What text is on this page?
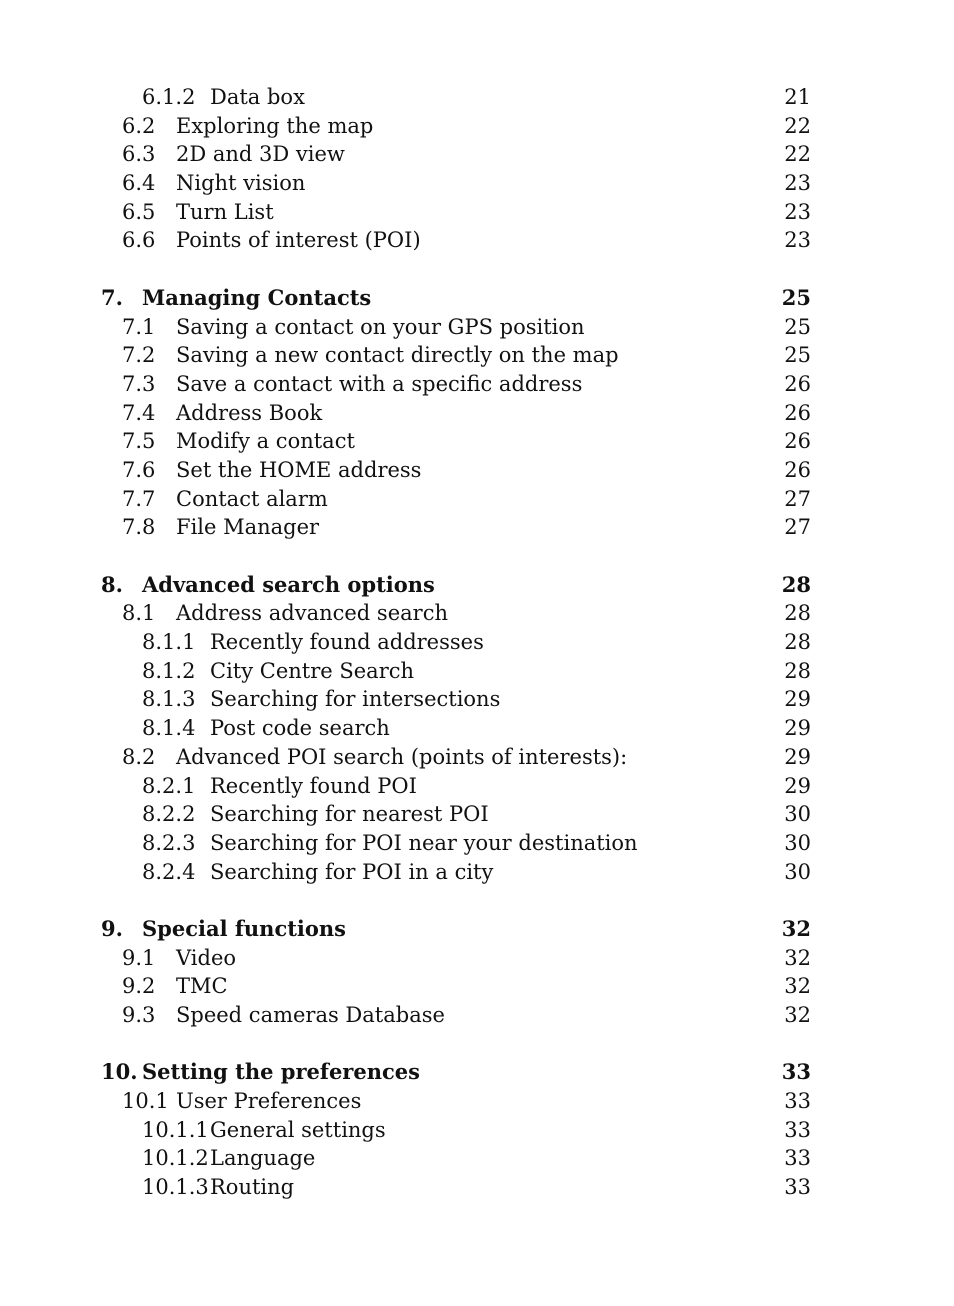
6.1.2 Data box	21
6.2 Exploring the map	22
6.3 2D and 3D view	22
6.4 Night vision	23
6.5 Turn List	23
6.6 Points of interest (POI)	23
7. Managing Contacts	25
7.1 Saving a contact on your GPS position	25
7.2 Saving a new contact directly on the map	25
7.3 Save a contact with a specific address	26
7.4 Address Book	26
7.5 Modify a contact	26
7.6 Set the HOME address	26
7.7 Contact alarm	27
7.8 File Manager	27
8. Advanced search options	28
8.1 Address advanced search	28
8.1.1 Recently found addresses	28
8.1.2 City Centre Search	28
8.1.3 Searching for intersections	29
8.1.4 Post code search	29
8.2 Advanced POI search (points of interests):	29
8.2.1 Recently found POI	29
8.2.2 Searching for nearest POI	30
8.2.3 Searching for POI near your destination	30
8.2.4 Searching for POI in a city	30
9. Special functions	32
9.1 Video	32
9.2 TMC	32
9.3 Speed cameras Database	32
10. Setting the preferences	33
10.1 User Preferences	33
10.1.1 General settings	33
10.1.2 Language	33
10.1.3 Routing	33
